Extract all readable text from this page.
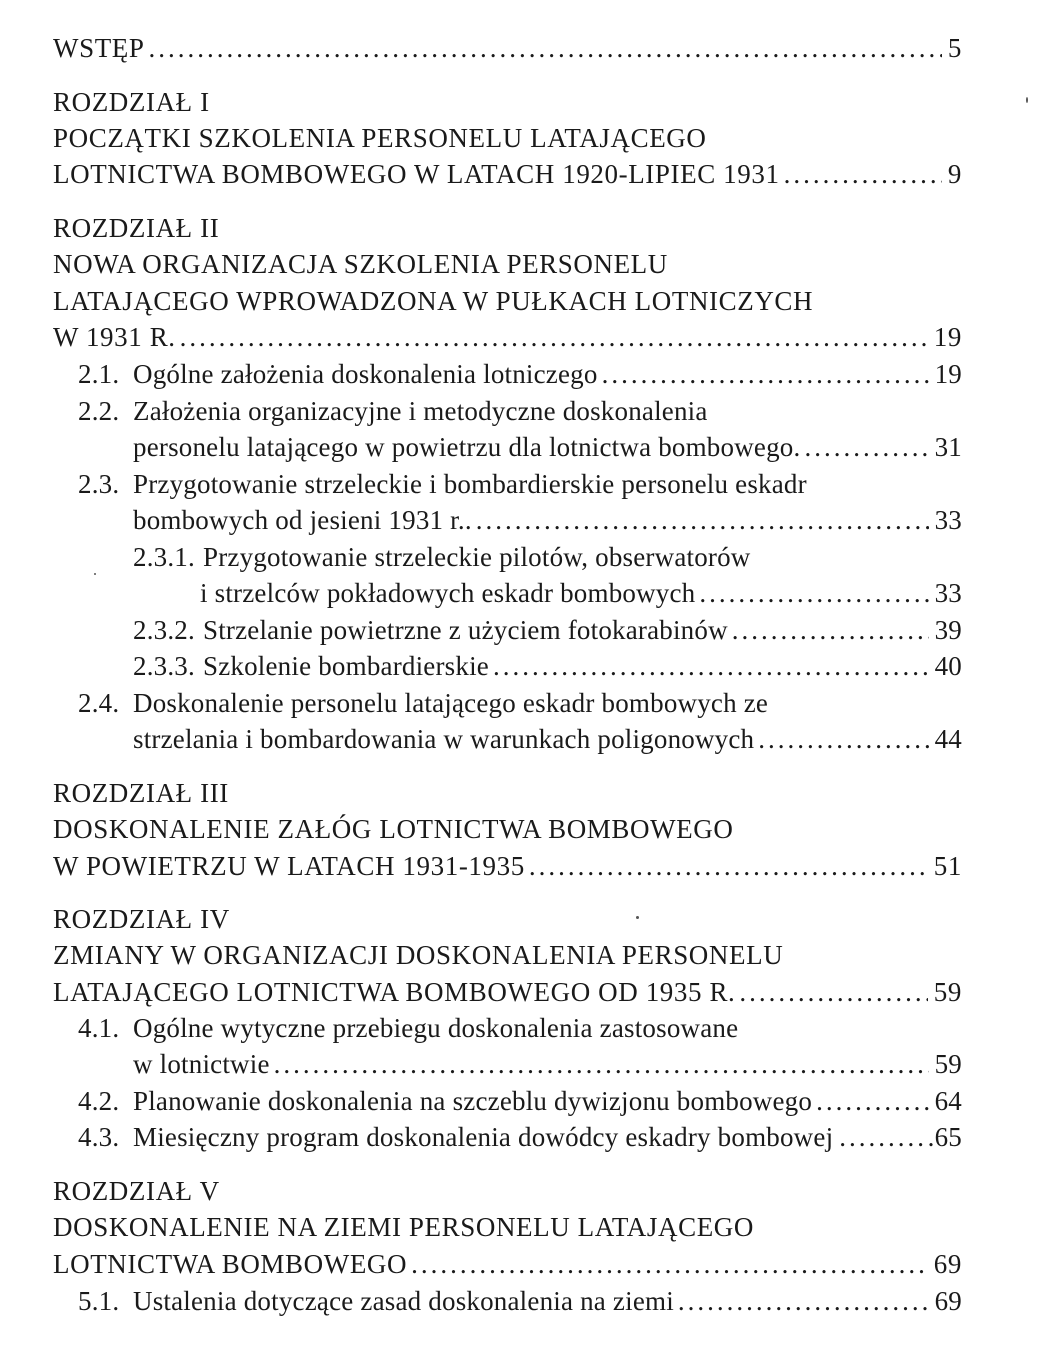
WSTĘP .....	5
ROZDZIAŁ I
POCZĄTKI SZKOLENIA PERSONELU LATAJĄCEGO
LOTNICTWA BOMBOWEGO W LATACH 1920-LIPIEC 1931 .....	9
ROZDZIAŁ II
NOWA ORGANIZACJA SZKOLENIA PERSONELU
LATAJĄCEGO WPROWADZONA W PUŁKACH LOTNICZYCH
W 1931 R. .....	19
2.1. Ogólne założenia doskonalenia lotniczego .....	19
2.2. Założenia organizacyjne i metodyczne doskonalenia
personelu latającego w powietrzu dla lotnictwa bombowego. .....	31
2.3. Przygotowanie strzeleckie i bombardierskie personelu eskadr
bombowych od jesieni 1931 r.. .....	33
2.3.1. Przygotowanie strzeleckie pilotów, obserwatorów
i strzelców pokładowych eskadr bombowych .....	33
2.3.2. Strzelanie powietrzne z użyciem fotokarabinów .....	39
2.3.3. Szkolenie bombardierskie .....	40
2.4. Doskonalenie personelu latającego eskadr bombowych ze
strzelania i bombardowania w warunkach poligonowych .....	44
ROZDZIAŁ III
DOSKONALENIE ZAŁÓG LOTNICTWA BOMBOWEGO
W POWIETRZU W LATACH 1931-1935 .....	51
ROZDZIAŁ IV
ZMIANY W ORGANIZACJI DOSKONALENIA PERSONELU
LATAJĄCEGO LOTNICTWA BOMBOWEGO OD 1935 R. .....	59
4.1. Ogólne wytyczne przebiegu doskonalenia zastosowane
w lotnictwie .....	59
4.2. Planowanie doskonalenia na szczeblu dywizjonu bombowego .....	64
4.3. Miesięczny program doskonalenia dowódcy eskadry bombowej .....	.65
ROZDZIAŁ V
DOSKONALENIE NA ZIEMI PERSONELU LATAJĄCEGO
LOTNICTWA BOMBOWEGO .....	69
5.1. Ustalenia dotyczące zasad doskonalenia na ziemi .....	69
